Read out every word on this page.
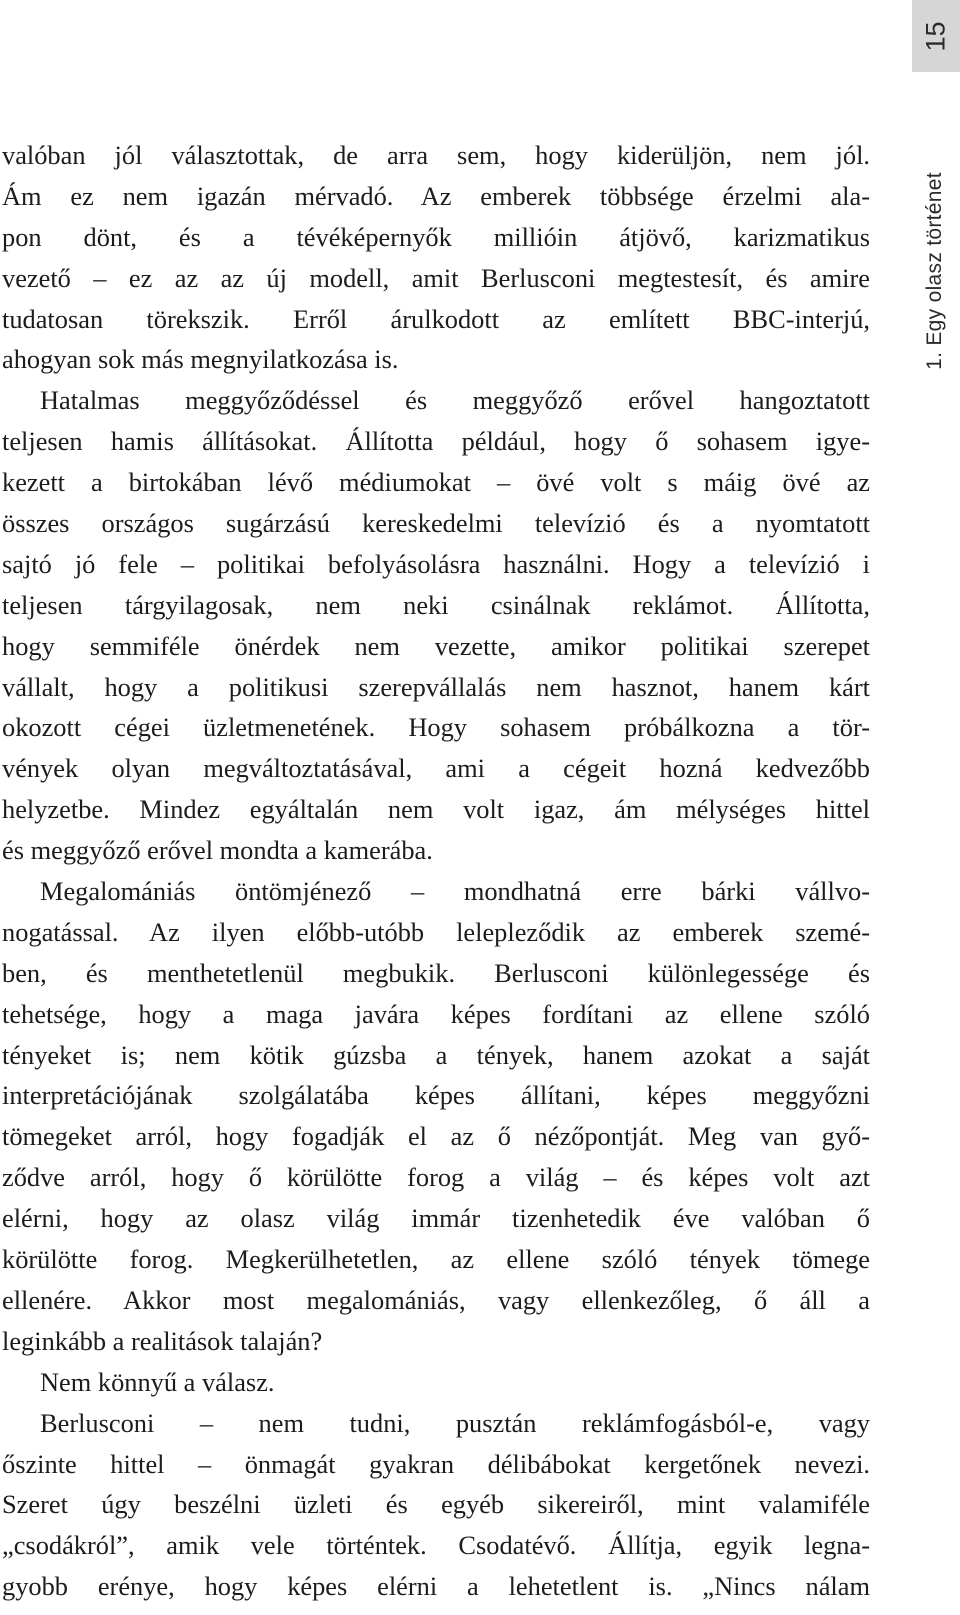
15
1. Egy olasz történet
valóban jól választottak, de arra sem, hogy kiderüljön, nem jól.
Ám ez nem igazán mérvadó. Az emberek többsége érzelmi ala-
pon dönt, és a tévéképernyők millióin átjövő, karizmatikus
vezető – ez az az új modell, amit Berlusconi megtestesít, és amire
tudatosan törekszik. Erről árulkodott az említett BBC-interjú,
ahogyan sok más megnyilatkozása is.
Hatalmas meggyőződéssel és meggyőző erővel hangoztatott
teljesen hamis állításokat. Állította például, hogy ő sohasem igye-
kezett a birtokában lévő médiumokat – övé volt s máig övé az
összes országos sugárzású kereskedelmi televízió és a nyomtatott
sajtó jó fele – politikai befolyásolásra használni. Hogy a televízió i
teljesen tárgyilagosak, nem neki csinálnak reklámot. Állította,
hogy semmiféle önérdek nem vezette, amikor politikai szerepet
vállalt, hogy a politikusi szerepvállalás nem hasznot, hanem kárt
okozott cégei üzletmenetének. Hogy sohasem próbálkozna a tör-
vények olyan megváltoztatásával, ami a cégeit hozná kedvezőbb
helyzetbe. Mindez egyáltalán nem volt igaz, ám mélységes hittel
és meggyőző erővel mondta a kamerába.
Megalomániás öntömjénező – mondhatná erre bárki vállvo-
nogatással. Az ilyen előbb-utóbb lelepleződik az emberek szemé-
ben, és menthetetlenül megbukik. Berlusconi különlegessége és
tehetsége, hogy a maga javára képes fordítani az ellene szóló
tényeket is; nem kötik gúzsba a tények, hanem azokat a saját
interpretációjának szolgálatába képes állítani, képes meggyőzni
tömegeket arról, hogy fogadják el az ő nézőpontját. Meg van győ-
ződve arról, hogy ő körülötte forog a világ – és képes volt azt
elérni, hogy az olasz világ immár tizenhetedik éve valóban ő
körülötte forog. Megkerülhetetlen, az ellene szóló tények tömege
ellenére. Akkor most megalomániás, vagy ellenkezőleg, ő áll a
leginkább a realitások talaján?
Nem könnyű a válasz.
Berlusconi – nem tudni, pusztán reklámfogásból-e, vagy
őszinte hittel – önmagát gyakran délibábokat kergetőnek nevezi.
Szeret úgy beszélni üzleti és egyéb sikereiről, mint valamiféle
„csodákról”, amik vele történtek. Csodatévő. Állítja, egyik legna-
gyobb erénye, hogy képes elérni a lehetetlent is. „Nincs nálam
